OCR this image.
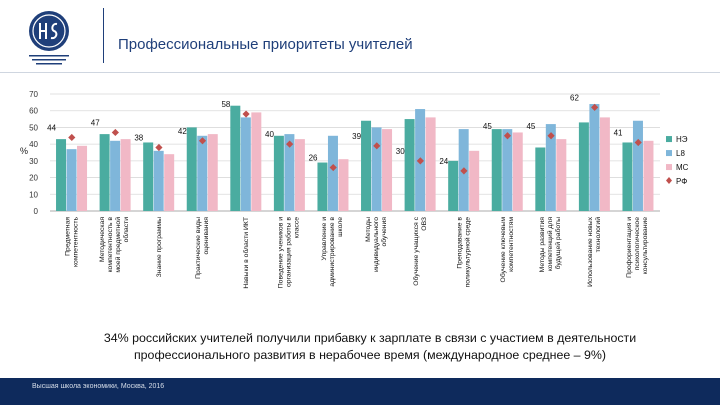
Профессиональные приоритеты учителей
0
10
20
30
40
50
60
70
%
44
Предметнаякомпетентность
47
Методическаякомпетентность вмоей предметнойобласти
38
Знание программы
42
Практические видыоценивания
58
Навыки в области ИКТ
40
Поведение учеников иорганизация работы вклассе
26
Управление иадминистрирование вшколе
39
Методыиндивидуальногообучения
30
Обучение учащихся сОВЗ
24
Преподавание вполикультурной среде
45
Обучение ключевымкомпетентностям
45
Методы развитиякомпетенций длябудущей работы
62
Использование новыхтехнологий
41
Профориентация ипсихологическоеконсультирование
НЭ
L8
МС
РФ
34% российских учителей получили прибавку к зарплате в связи с участием в деятельности профессионального развития в нерабочее время (международное среднее – 9%)
Высшая школа экономики, Москва, 2016
